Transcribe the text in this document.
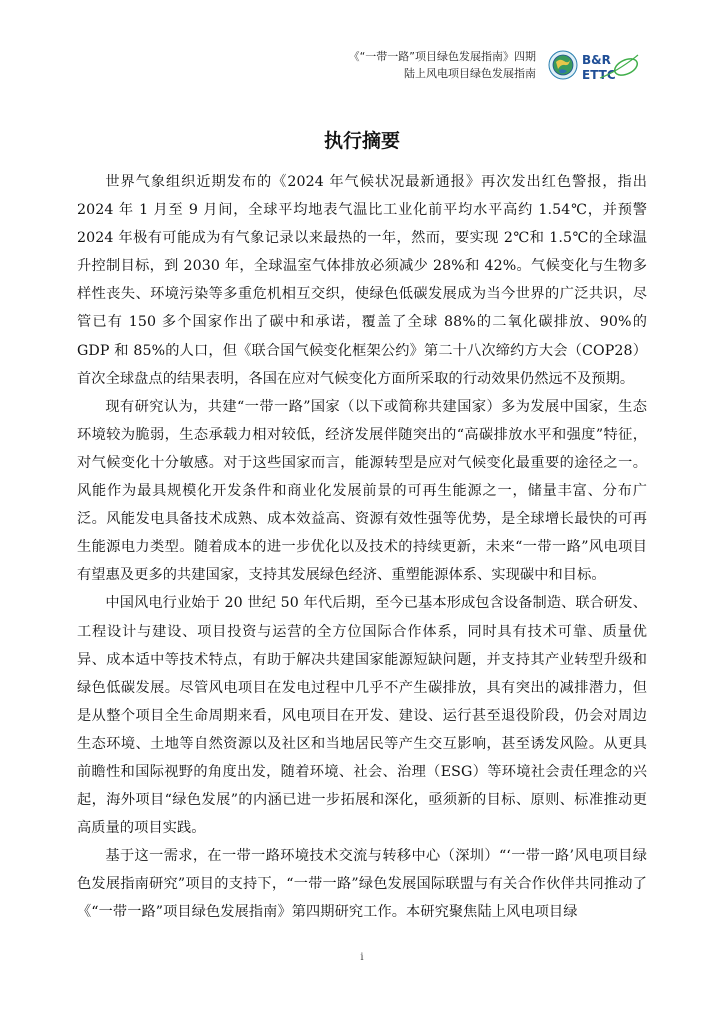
《“一带一路”项目绿色发展指南》四期
陆上风电项目绿色发展指南
B&R
ETTC
执行摘要

世界气象组织近期发布的《2024 年气候状况最新通报》再次发出红色警报，指出 2024 年 1 月至 9 月间，全球平均地表气温比工业化前平均水平高约 1.54℃，并预警 2024 年极有可能成为有气象记录以来最热的一年，然而，要实现 2℃和 1.5℃的全球温升控制目标，到 2030 年，全球温室气体排放必须减少 28%和 42%。气候变化与生物多样性丧失、环境污染等多重危机相互交织，使绿色低碳发展成为当今世界的广泛共识，尽管已有 150 多个国家作出了碳中和承诺，覆盖了全球 88%的二氧化碳排放、90%的 GDP 和 85%的人口，但《联合国气候变化框架公约》第二十八次缔约方大会（COP28）首次全球盘点的结果表明，各国在应对气候变化方面所采取的行动效果仍然远不及预期。

现有研究认为，共建“一带一路”国家（以下或简称共建国家）多为发展中国家，生态环境较为脆弱，生态承载力相对较低，经济发展伴随突出的“高碳排放水平和强度”特征，对气候变化十分敏感。对于这些国家而言，能源转型是应对气候变化最重要的途径之一。风能作为最具规模化开发条件和商业化发展前景的可再生能源之一，储量丰富、分布广泛。风能发电具备技术成熟、成本效益高、资源有效性强等优势，是全球增长最快的可再生能源电力类型。随着成本的进一步优化以及技术的持续更新，未来“一带一路”风电项目有望惠及更多的共建国家，支持其发展绿色经济、重塑能源体系、实现碳中和目标。

中国风电行业始于 20 世纪 50 年代后期，至今已基本形成包含设备制造、联合研发、工程设计与建设、项目投资与运营的全方位国际合作体系，同时具有技术可靠、质量优异、成本适中等技术特点，有助于解决共建国家能源短缺问题，并支持其产业转型升级和绿色低碳发展。尽管风电项目在发电过程中几乎不产生碳排放，具有突出的减排潜力，但是从整个项目全生命周期来看，风电项目在开发、建设、运行甚至退役阶段，仍会对周边生态环境、土地等自然资源以及社区和当地居民等产生交互影响，甚至诱发风险。从更具前瞻性和国际视野的角度出发，随着环境、社会、治理（ESG）等环境社会责任理念的兴起，海外项目“绿色发展”的内涵已进一步拓展和深化，亟须新的目标、原则、标准推动更高质量的项目实践。

基于这一需求，在一带一路环境技术交流与转移中心（深圳）“‘一带一路’风电项目绿色发展指南研究”项目的支持下，“一带一路”绿色发展国际联盟与有关合作伙伴共同推动了《“一带一路”项目绿色发展指南》第四期研究工作。本研究聚焦陆上风电项目绿

i
